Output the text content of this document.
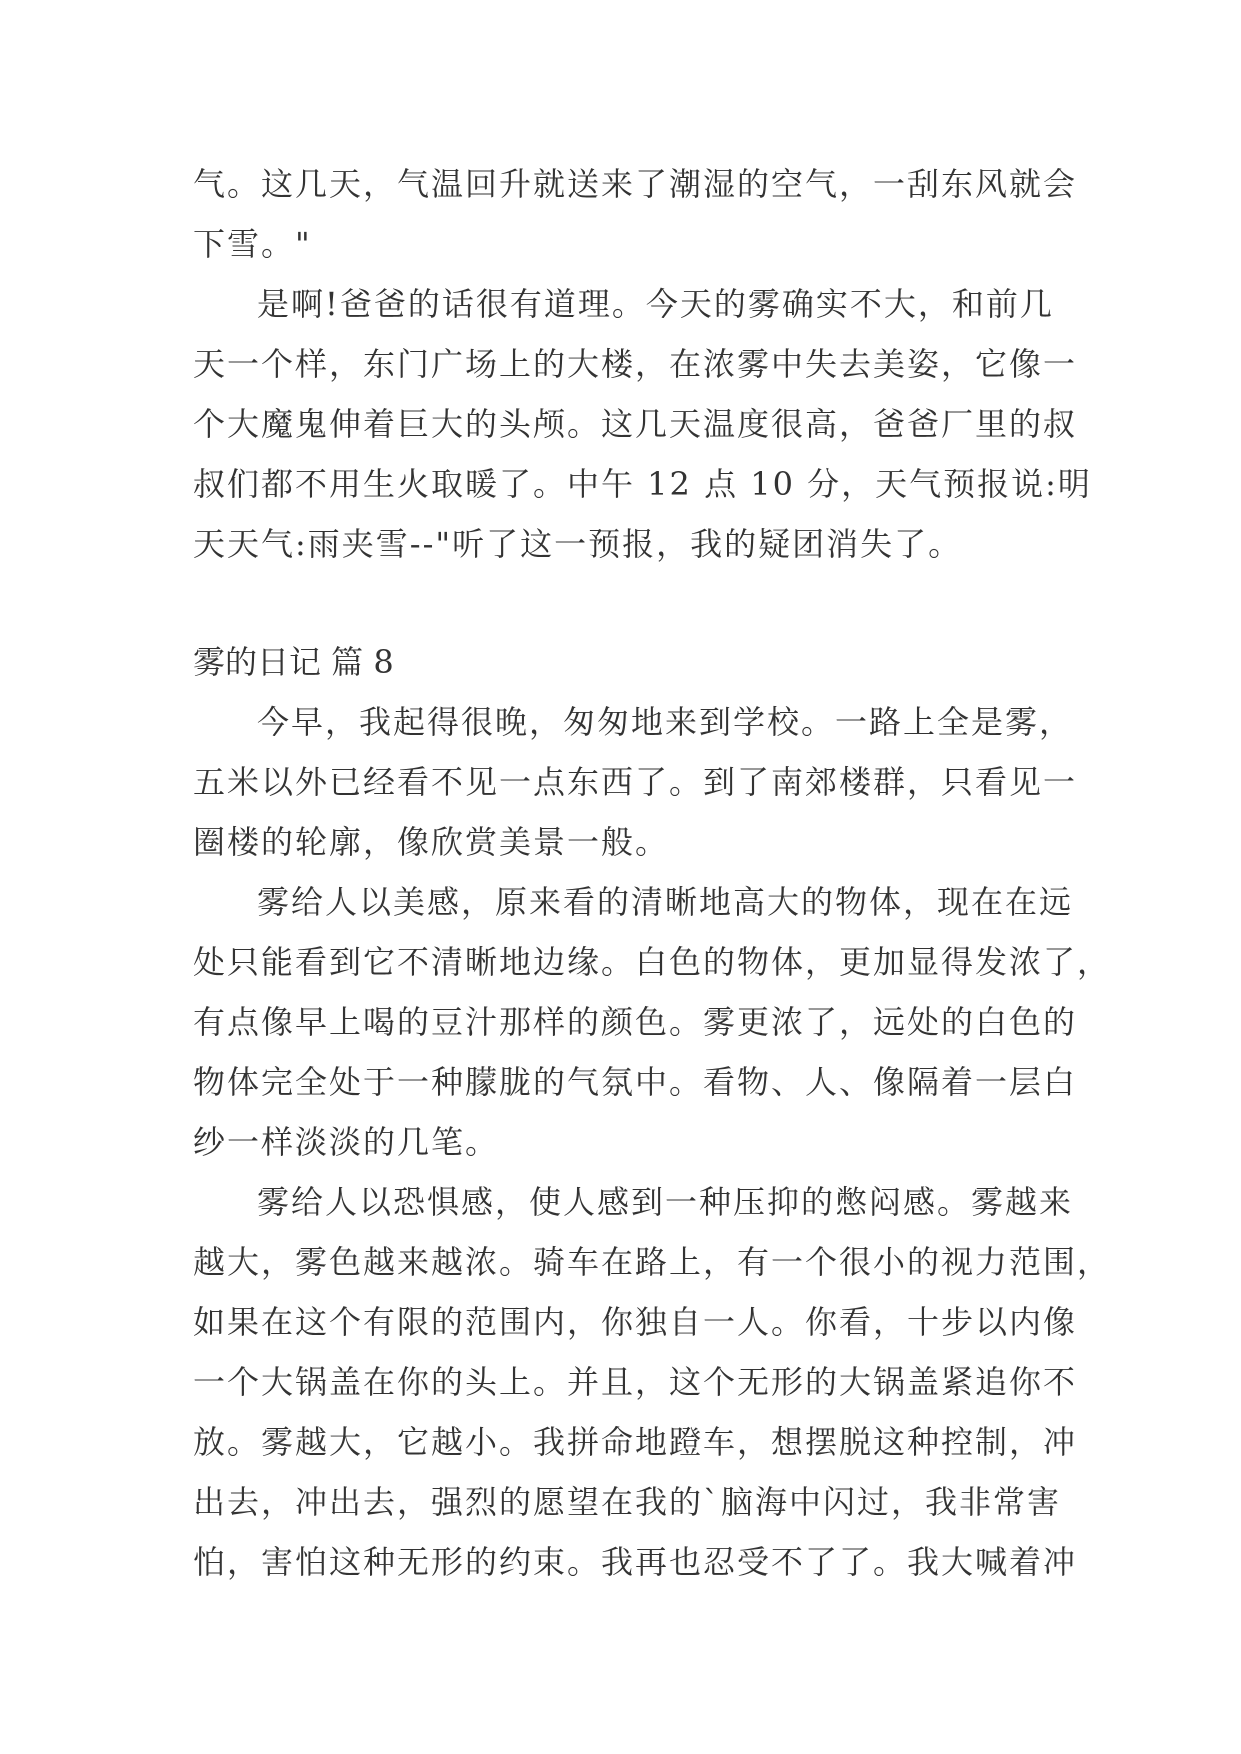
气。这几天，气温回升就送来了潮湿的空气，一刮东风就会
下雪。"
是啊!爸爸的话很有道理。今天的雾确实不大，和前几
天一个样，东门广场上的大楼，在浓雾中失去美姿，它像一
个大魔鬼伸着巨大的头颅。这几天温度很高，爸爸厂里的叔
叔们都不用生火取暖了。中午 12 点 10 分，天气预报说:明
天天气:雨夹雪--"听了这一预报，我的疑团消失了。
雾的日记 篇 8
今早，我起得很晚，匆匆地来到学校。一路上全是雾，
五米以外已经看不见一点东西了。到了南郊楼群，只看见一
圈楼的轮廓，像欣赏美景一般。
雾给人以美感，原来看的清晰地高大的物体，现在在远
处只能看到它不清晰地边缘。白色的物体，更加显得发浓了，
有点像早上喝的豆汁那样的颜色。雾更浓了，远处的白色的
物体完全处于一种朦胧的气氛中。看物、人、像隔着一层白
纱一样淡淡的几笔。
雾给人以恐惧感，使人感到一种压抑的憋闷感。雾越来
越大，雾色越来越浓。骑车在路上，有一个很小的视力范围，
如果在这个有限的范围内，你独自一人。你看，十步以内像
一个大锅盖在你的头上。并且，这个无形的大锅盖紧追你不
放。雾越大，它越小。我拼命地蹬车，想摆脱这种控制，冲
出去，冲出去，强烈的愿望在我的`脑海中闪过，我非常害
怕，害怕这种无形的约束。我再也忍受不了了。我大喊着冲
